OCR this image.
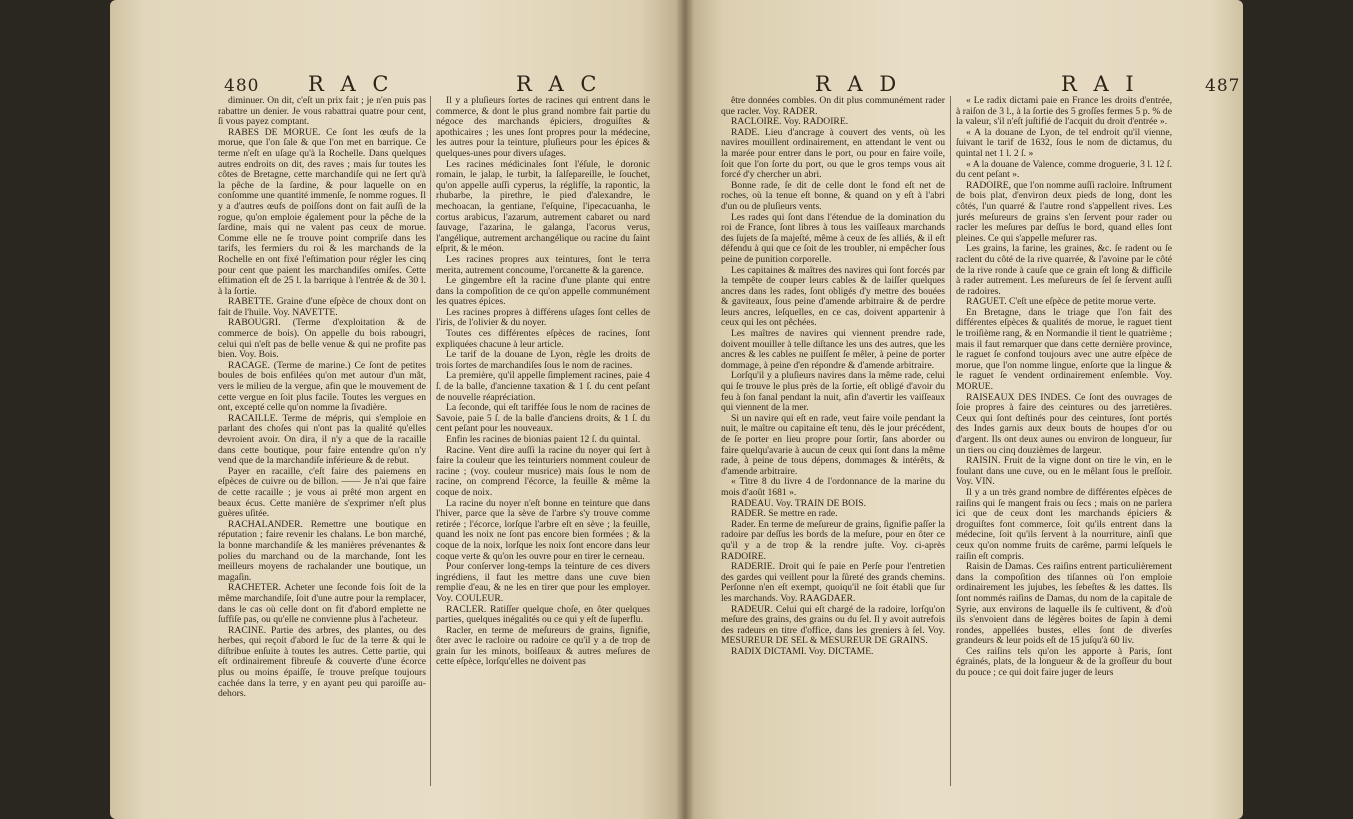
480 R A C	R A C

diminuer. On dit, c'eſt un prix fait ; je n'en puis pas rabattre un denier. Je vous rabattrai quatre pour cent, ſi vous payez comptant.

RABES DE MORUE. Ce ſont les œufs de la morue, que l'on ſale & que l'on met en barrique. Ce terme n'eſt en uſage qu'à la Rochelle. Dans quelques autres endroits on dit, des raves ; mais ſur toutes les côtes de Bretagne, cette marchandiſe qui ne ſert qu'à la pêche de la ſardine, & pour laquelle on en conſomme une quantité immenſe, ſe nomme rogues. Il y a d'autres œufs de poiſſons dont on fait auſſi de la rogue, qu'on emploie également pour la pêche de la ſardine, mais qui ne valent pas ceux de morue. Comme elle ne ſe trouve point compriſe dans les tarifs, les fermiers du roi & les marchands de la Rochelle en ont fixé l'eſtimation pour régler les cinq pour cent que paient les marchandiſes omiſes. Cette eſtimation eſt de 25 l. la barrique à l'entrée & de 30 l. à la ſortie.

RABETTE. Graine d'une eſpèce de choux dont on fait de l'huile. Voy. NAVETTE.

RABOUGRI. (Terme d'exploitation & de commerce de bois). On appelle du bois rabougri, celui qui n'eſt pas de belle venue & qui ne profite pas bien. Voy. Bois.

RACAGE. (Terme de marine.) Ce ſont de petites boules de bois enfilées qu'on met autour d'un mât, vers le milieu de la vergue, afin que le mouvement de cette vergue en ſoit plus facile. Toutes les vergues en ont, excepté celle qu'on nomme la ſivadière.

RACAILLE. Terme de mépris, qui s'emploie en parlant des choſes qui n'ont pas la qualité qu'elles devroient avoir. On dira, il n'y a que de la racaille dans cette boutique, pour faire entendre qu'on n'y vend que de la marchandiſe inférieure & de rebut.

Payer en racaille, c'eſt faire des paiemens en eſpèces de cuivre ou de billon. —— Je n'ai que faire de cette racaille ; je vous ai prêté mon argent en beaux écus. Cette manière de s'exprimer n'eſt plus guères uſitée.

RACHALANDER. Remettre une boutique en réputation ; faire revenir les chalans. Le bon marché, la bonne marchandiſe & les manières prévenantes & polies du marchand ou de la marchande, ſont les meilleurs moyens de rachalander une boutique, un magaſin.

RACHETER. Acheter une ſeconde fois ſoit de la même marchandiſe, ſoit d'une autre pour la remplacer, dans le cas où celle dont on fit d'abord emplette ne ſuffiſe pas, ou qu'elle ne convienne plus à l'acheteur.

RACINE. Partie des arbres, des plantes, ou des herbes, qui reçoit d'abord le ſuc de la terre & qui le diſtribue enſuite à toutes les autres. Cette partie, qui eſt ordinairement fibreuſe & couverte d'une écorce plus ou moins épaiſſe, ſe trouve preſque toujours cachée dans la terre, y en ayant peu qui paroiſſe au-dehors.

Il y a pluſieurs ſortes de racines qui entrent dans le commerce, & dont le plus grand nombre fait partie du négoce des marchands épiciers, droguiſtes & apothicaires ; les unes ſont propres pour la médecine, les autres pour la teinture, pluſieurs pour les épices & quelques-unes pour divers uſages.

Les racines médicinales ſont l'éſule, le doronic romain, le jalap, le turbit, la ſalſepareille, le ſouchet, qu'on appelle auſſi cyperus, la réglifſe, la rapontic, la rhubarbe, la pirethre, le pied d'alexandre, le mechoacan, la gentiane, l'eſquine, l'ipecacuanha, le cortus arabicus, l'azarum, autrement cabaret ou nard ſauvage, l'azarina, le galanga, l'acorus verus, l'angélique, autrement archangélique ou racine du ſaint eſprit, & le méon.

Les racines propres aux teintures, ſont le terra merita, autrement concoume, l'orcanette & la garence.

Le gingembre eſt la racine d'une plante qui entre dans la compoſition de ce qu'on appelle communément les quatres épices.

Les racines propres à différens uſages ſont celles de l'iris, de l'olivier & du noyer.

Toutes ces différentes eſpèces de racines, ſont expliquées chacune à leur article.

Le tarif de la douane de Lyon, règle les droits de trois ſortes de marchandiſes ſous le nom de racines.

La première, qu'il appelle ſimplement racines, paie 4 ſ. de la balle, d'ancienne taxation & 1 ſ. du cent peſant de nouvelle réapréciation.

La ſeconde, qui eſt tariffée ſous le nom de racines de Savoie, paie 5 ſ. de la balle d'anciens droits, & 1 ſ. du cent peſant pour les nouveaux.

Enfin les racines de bionias paient 12 ſ. du quintal.

Racine. Vent dire auſſi la racine du noyer qui ſert à faire la couleur que les teinturiers nomment couleur de racine ; (voy. couleur musrice) mais ſous le nom de racine, on comprend l'écorce, la feuille & même la coque de noix.

La racine du noyer n'eſt bonne en teinture que dans l'hiver, parce que la sève de l'arbre s'y trouve comme retirée ; l'écorce, lorſque l'arbre eſt en sève ; la feuille, quand les noix ne ſont pas encore bien formées ; & la coque de la noix, lorſque les noix ſont encore dans leur coque verte & qu'on les ouvre pour en tirer le cerneau.

Pour conſerver long-temps la teinture de ces divers ingrédiens, il faut les mettre dans une cuve bien remplie d'eau, & ne les en tirer que pour les employer. Voy. COULEUR.

RACLER. Ratiſſer quelque choſe, en ôter quelques parties, quelques inégalités ou ce qui y eſt de ſuperflu.

Racler, en terme de meſureurs de grains, ſignifie, ôter avec le racloire ou radoire ce qu'il y a de trop de grain ſur les minots, boiſſeaux & autres meſures de cette eſpèce, lorſqu'elles ne doivent pas

R A D	R A I	487

être données combles. On dit plus communément rader que racler. Voy. RADER.

RACLOIRE. Voy. RADOIRE.

RADE. Lieu d'ancrage à couvert des vents, où les navires mouillent ordinairement, en attendant le vent ou la marée pour entrer dans le port, ou pour en faire voile, ſoit que l'on ſorte du port, ou que le gros temps vous ait forcé d'y chercher un abri.

Bonne rade, ſe dit de celle dont le fond eſt net de roches, où la tenue eſt bonne, & quand on y eſt à l'abri d'un ou de pluſieurs vents.

Les rades qui ſont dans l'étendue de la domination du roi de France, ſont libres à tous les vaiſſeaux marchands des ſujets de ſa majeſté, même à ceux de ſes alliés, & il eſt défendu à qui que ce ſoit de les troubler, ni empêcher ſous peine de punition corporelle.

Les capitaines & maîtres des navires qui ſont forcés par la tempête de couper leurs cables & de laiſſer quelques ancres dans les rades, ſont obligés d'y mettre des bouées & gaviteaux, ſous peine d'amende arbitraire & de perdre leurs ancres, leſquelles, en ce cas, doivent appartenir à ceux qui les ont pêchées.

Les maîtres de navires qui viennent prendre rade, doivent mouiller à telle diſtance les uns des autres, que les ancres & les cables ne puiſſent ſe mêler, à peine de porter dommage, à peine d'en répondre & d'amende arbitraire.

Lorſqu'il y a pluſieurs navires dans la même rade, celui qui ſe trouve le plus près de la ſortie, eſt obligé d'avoir du feu à ſon fanal pendant la nuit, afin d'avertir les vaiſſeaux qui viennent de la mer.

Si un navire qui eſt en rade, veut faire voile pendant la nuit, le maître ou capitaine eſt tenu, dès le jour précédent, de ſe porter en lieu propre pour ſortir, ſans aborder ou faire quelqu'avarie à aucun de ceux qui ſont dans la même rade, à peine de tous dépens, dommages & intérêts, & d'amende arbitraire.

« Titre 8 du livre 4 de l'ordonnance de la marine du mois d'août 1681 ».

RADEAU. Voy. TRAIN DE BOIS.

RADER. Se mettre en rade.

Rader. En terme de meſureur de grains, ſignifie paſſer la radoire par deſſus les bords de la meſure, pour en ôter ce qu'il y a de trop & la rendre juſte. Voy. ci-après RADOIRE.

RADERIE. Droit qui ſe paie en Perſe pour l'entretien des gardes qui veillent pour la ſûreté des grands chemins. Perſonne n'en eſt exempt, quoiqu'il ne ſoit établi que ſur les marchands. Voy. RAAGDAER.

RADEUR. Celui qui eſt chargé de la radoire, lorſqu'on meſure des grains, des grains ou du ſel. Il y avoit autrefois des radeurs en titre d'office, dans les greniers à ſel. Voy. MESUREUR DE SEL & MESUREUR DE GRAINS.

RADIX DICTAMI. Voy. DICTAME.

« Le radix dictami paie en France les droits d'entrée, à raiſon de 3 l., à la ſortie des 5 groſſes fermes 5 p. % de la valeur, s'il n'eſt juſtifié de l'acquit du droit d'entrée ».

« A la douane de Lyon, de tel endroit qu'il vienne, ſuivant le tarif de 1632, ſous le nom de dictamus, du quintal net 1 l. 2 ſ. »

« A la douane de Valence, comme droguerie, 3 l. 12 ſ. du cent peſant ».

RADOIRE, que l'on nomme auſſi racloire. Inſtrument de bois plat, d'environ deux pieds de long, dont les côtés, l'un quarré & l'autre rond s'appellent rives. Les jurés meſureurs de grains s'en ſervent pour rader ou racler les meſures par deſſus le bord, quand elles ſont pleines. Ce qui s'appelle meſurer ras.

Les grains, la farine, les graines, &c. ſe radent ou ſe raclent du côté de la rive quarrée, & l'avoine par le côté de la rive ronde à cauſe que ce grain eſt long & difficile à rader autrement. Les meſureurs de ſel ſe ſervent auſſi de radoires.

RAGUET. C'eſt une eſpèce de petite morue verte.

En Bretagne, dans le triage que l'on fait des différentes eſpèces & qualités de morue, le raguet tient le troiſième rang, & en Normandie il tient le quatrième ; mais il faut remarquer que dans cette dernière province, le raguet ſe confond toujours avec une autre eſpèce de morue, que l'on nomme lingue, enſorte que la lingue & le raguet ſe vendent ordinairement enſemble. Voy. MORUE.

RAISEAUX DES INDES. Ce ſont des ouvrages de ſoie propres à faire des ceintures ou des jarretières. Ceux qui ſont deſtinés pour des ceintures, ſont portés des Indes garnis aux deux bouts de houpes d'or ou d'argent. Ils ont deux aunes ou environ de longueur, ſur un tiers ou cinq douzièmes de largeur.

RAISIN. Fruit de la vigne dont on tire le vin, en le foulant dans une cuve, ou en le mêlant ſous le preſſoir. Voy. VIN.

Il y a un très grand nombre de différentes eſpèces de raiſins qui ſe mangent frais ou ſecs ; mais on ne parlera ici que de ceux dont les marchands épiciers & droguiſtes font commerce, ſoit qu'ils entrent dans la médecine, ſoit qu'ils ſervent à la nourriture, ainſi que ceux qu'on nomme fruits de carême, parmi leſquels le raiſin eſt compris.

Raisin de Damas. Ces raiſins entrent particulièrement dans la compoſition des tiſannes où l'on emploie ordinairement les jujubes, les ſebeſtes & les dattes. Ils ſont nommés raiſins de Damas, du nom de la capitale de Syrie, aux environs de laquelle ils ſe cultivent, & d'où ils s'envoient dans de légères boites de ſapin à demi rondes, appellées bustes, elles ſont de diverſes grandeurs & leur poids eſt de 15 juſqu'à 60 liv.

Ces raiſins tels qu'on les apporte à Paris, ſont égrainés, plats, de la longueur & de la groſſeur du bout du pouce ; ce qui doit faire juger de leurs
